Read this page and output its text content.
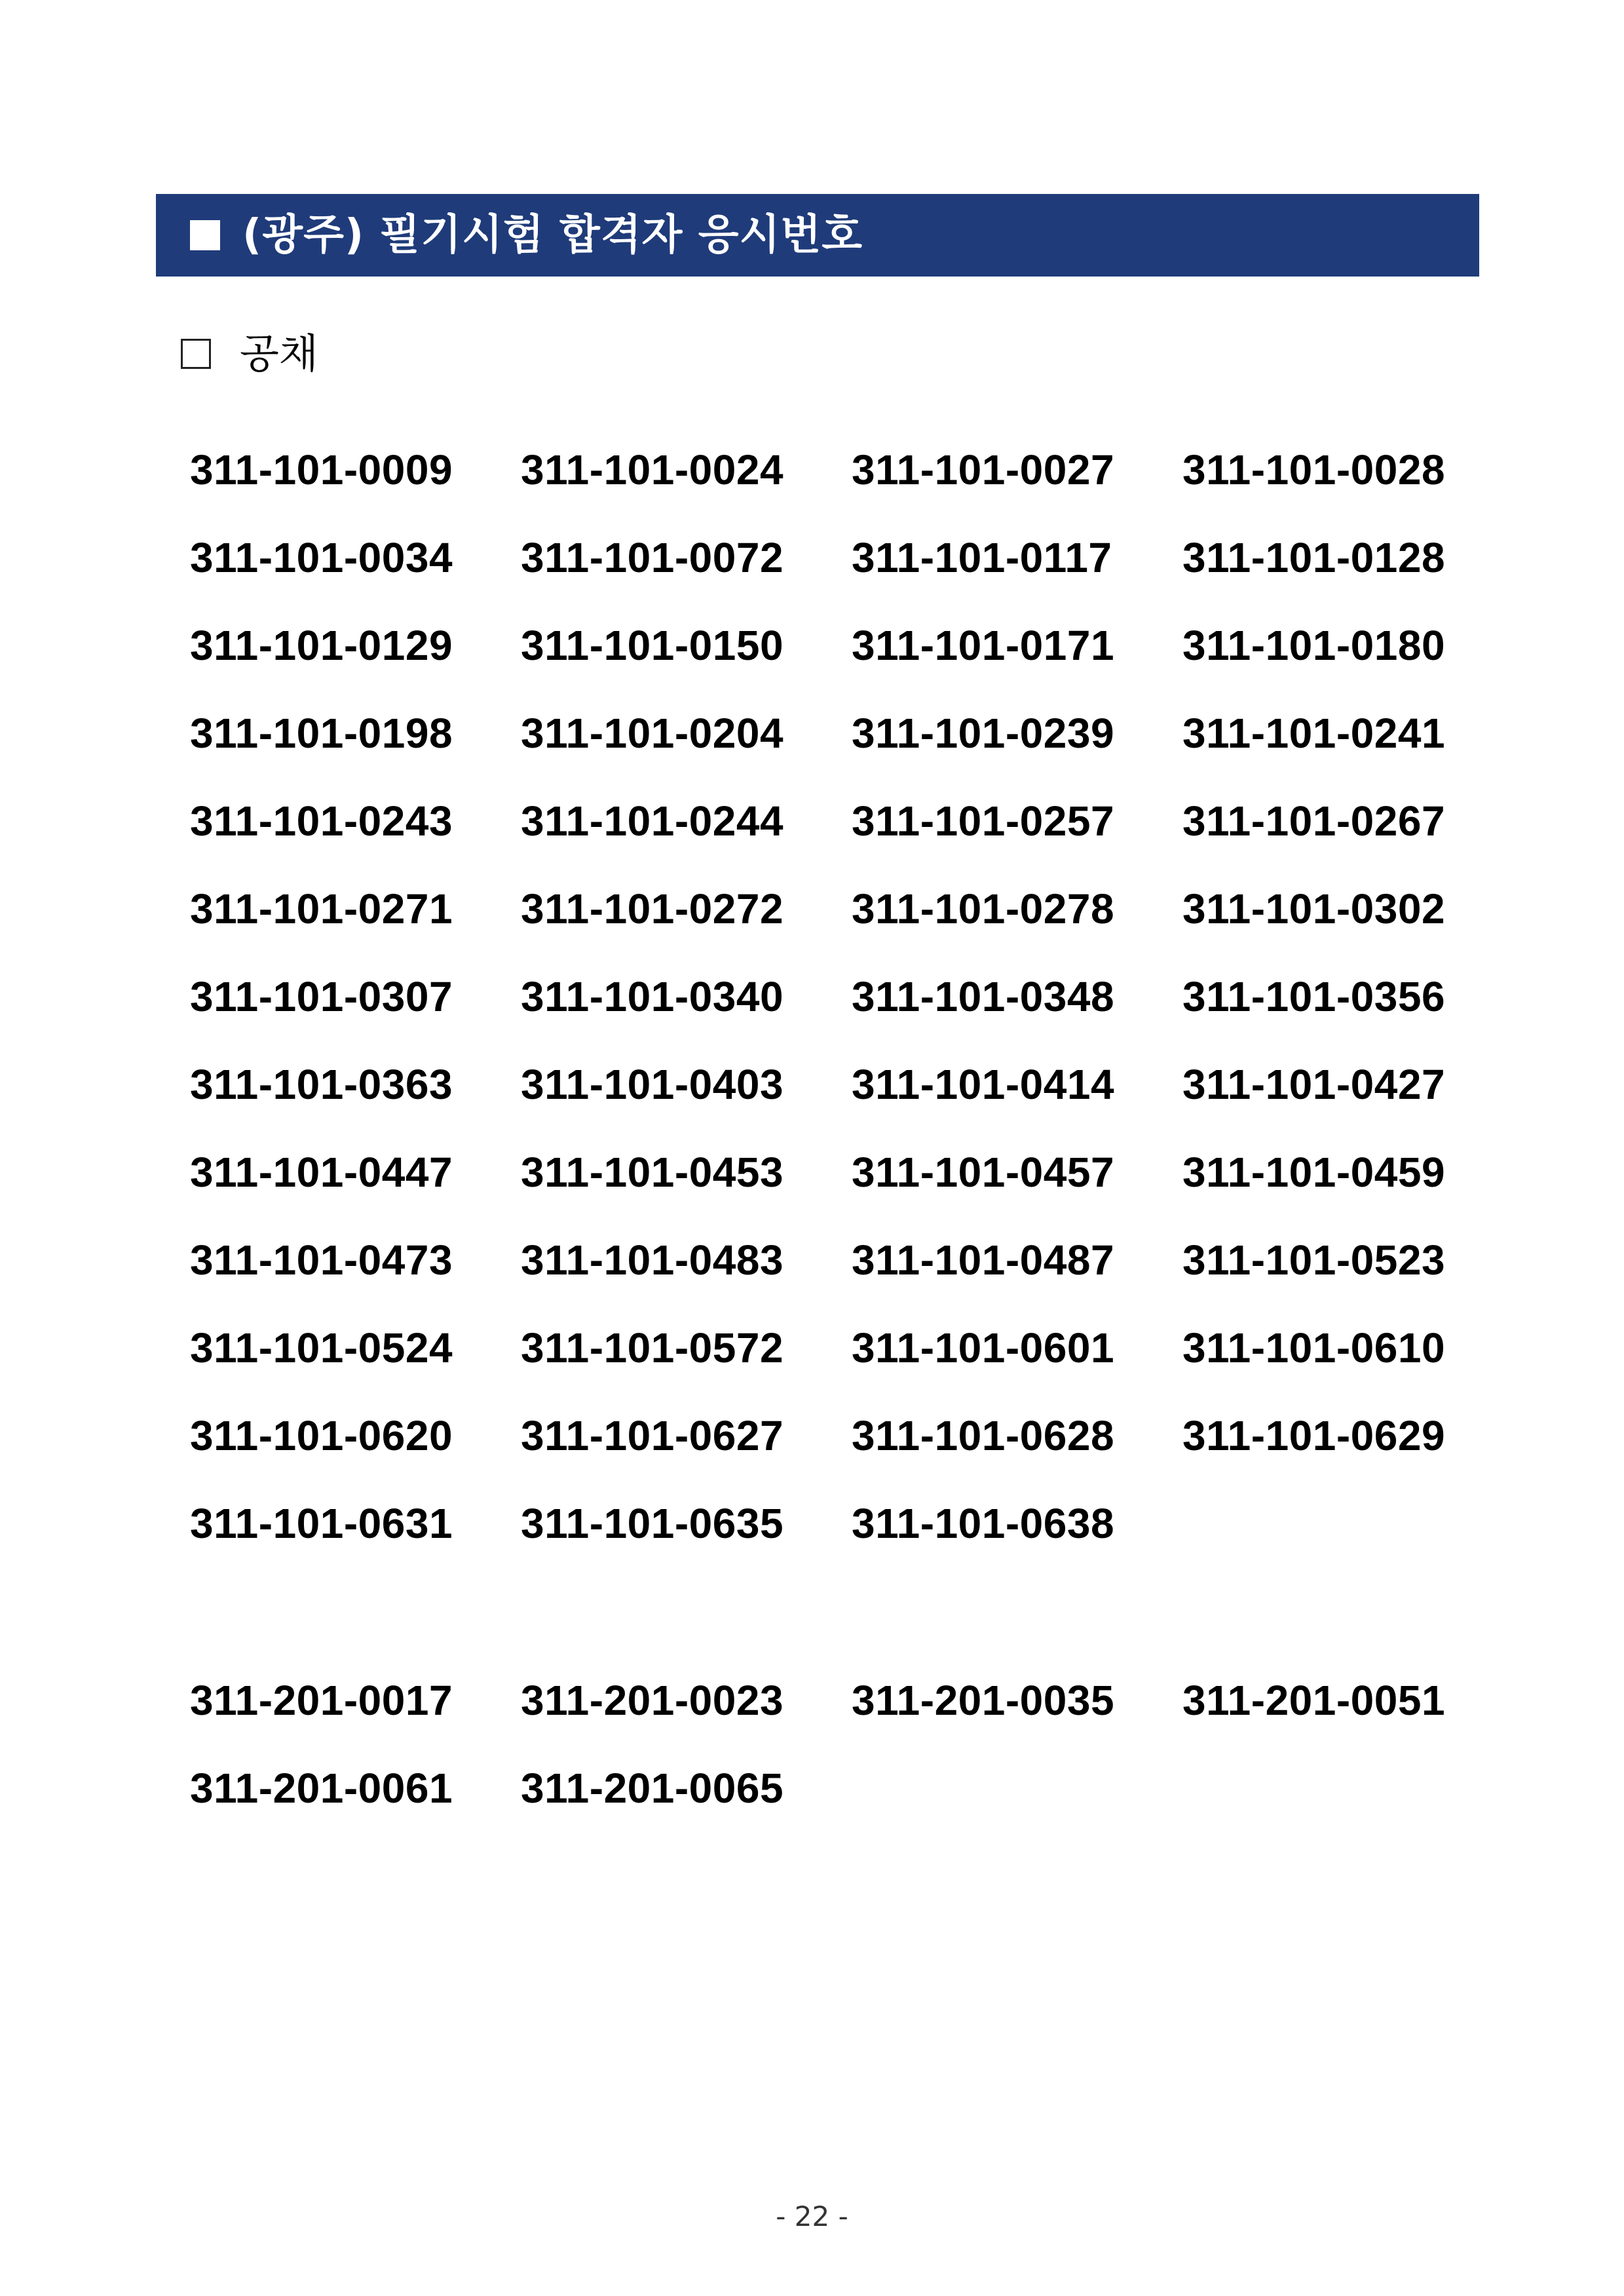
(광주) 필기시험 합격자 응시번호
공채
311-101-0009	311-101-0024	311-101-0027	311-101-0028
311-101-0034	311-101-0072	311-101-0117	311-101-0128
311-101-0129	311-101-0150	311-101-0171	311-101-0180
311-101-0198	311-101-0204	311-101-0239	311-101-0241
311-101-0243	311-101-0244	311-101-0257	311-101-0267
311-101-0271	311-101-0272	311-101-0278	311-101-0302
311-101-0307	311-101-0340	311-101-0348	311-101-0356
311-101-0363	311-101-0403	311-101-0414	311-101-0427
311-101-0447	311-101-0453	311-101-0457	311-101-0459
311-101-0473	311-101-0483	311-101-0487	311-101-0523
311-101-0524	311-101-0572	311-101-0601	311-101-0610
311-101-0620	311-101-0627	311-101-0628	311-101-0629
311-101-0631	311-101-0635	311-101-0638
311-201-0017	311-201-0023	311-201-0035	311-201-0051
311-201-0061	311-201-0065
- 22 -
